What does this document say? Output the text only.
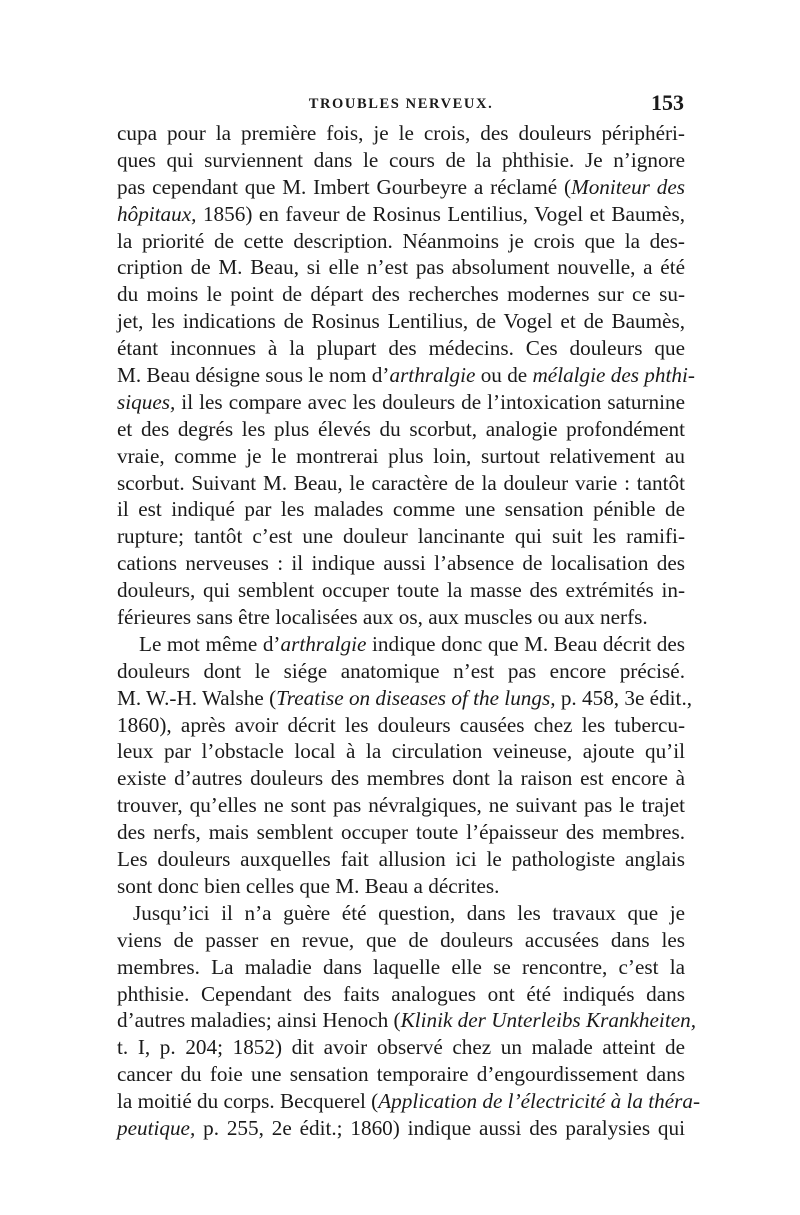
TROUBLES NERVEUX.	153
cupa pour la première fois, je le crois, des douleurs périphéri-
ques qui surviennent dans le cours de la phthisie. Je n’ignore
pas cependant que M. Imbert Gourbeyre a réclamé (Moniteur des
hôpitaux, 1856) en faveur de Rosinus Lentilius, Vogel et Baumès,
la priorité de cette description. Néanmoins je crois que la des-
cription de M. Beau, si elle n’est pas absolument nouvelle, a été
du moins le point de départ des recherches modernes sur ce su-
jet, les indications de Rosinus Lentilius, de Vogel et de Baumès,
étant inconnues à la plupart des médecins. Ces douleurs que
M. Beau désigne sous le nom d’arthralgie ou de mélalgie des phthi-
siques, il les compare avec les douleurs de l’intoxication saturnine
et des degrés les plus élevés du scorbut, analogie profondément
vraie, comme je le montrerai plus loin, surtout relativement au
scorbut. Suivant M. Beau, le caractère de la douleur varie : tantôt
il est indiqué par les malades comme une sensation pénible de
rupture; tantôt c’est une douleur lancinante qui suit les ramifi-
cations nerveuses : il indique aussi l’absence de localisation des
douleurs, qui semblent occuper toute la masse des extrémités in-
férieures sans être localisées aux os, aux muscles ou aux nerfs.
Le mot même d’arthralgie indique donc que M. Beau décrit des
douleurs dont le siége anatomique n’est pas encore précisé.
M. W.-H. Walshe (Treatise on diseases of the lungs, p. 458, 3e édit.,
1860), après avoir décrit les douleurs causées chez les tubercu-
leux par l’obstacle local à la circulation veineuse, ajoute qu’il
existe d’autres douleurs des membres dont la raison est encore à
trouver, qu’elles ne sont pas névralgiques, ne suivant pas le trajet
des nerfs, mais semblent occuper toute l’épaisseur des membres.
Les douleurs auxquelles fait allusion ici le pathologiste anglais
sont donc bien celles que M. Beau a décrites.
Jusqu’ici il n’a guère été question, dans les travaux que je
viens de passer en revue, que de douleurs accusées dans les
membres. La maladie dans laquelle elle se rencontre, c’est la
phthisie. Cependant des faits analogues ont été indiqués dans
d’autres maladies; ainsi Henoch (Klinik der Unterleibs Krankheiten,
t. I, p. 204; 1852) dit avoir observé chez un malade atteint de
cancer du foie une sensation temporaire d’engourdissement dans
la moitié du corps. Becquerel (Application de l’électricité à la théra-
peutique, p. 255, 2e édit.; 1860) indique aussi des paralysies qui
